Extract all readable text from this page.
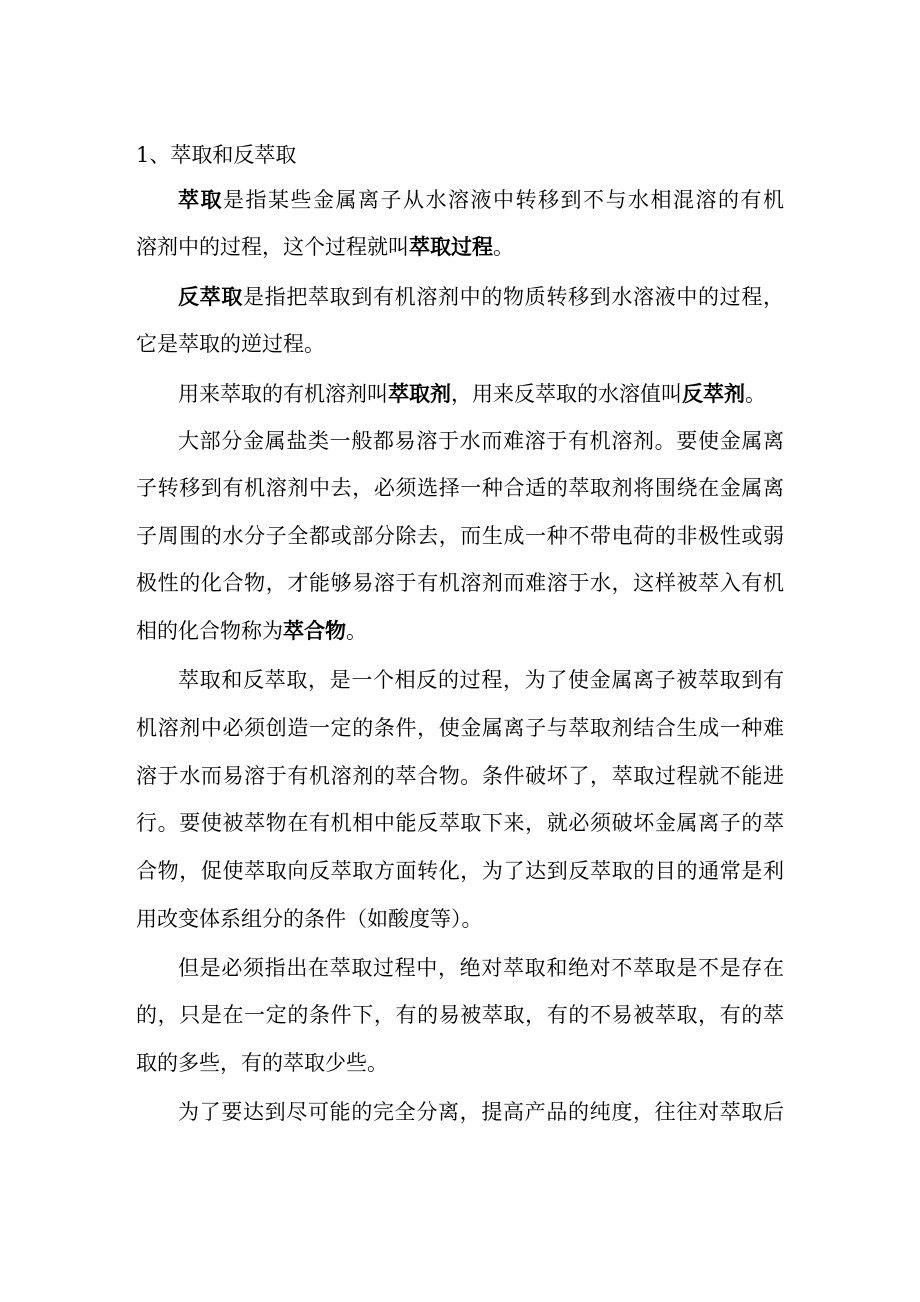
1、萃取和反萃取
萃取是指某些金属离子从水溶液中转移到不与水相混溶的有机
溶剂中的过程，这个过程就叫萃取过程。
反萃取是指把萃取到有机溶剂中的物质转移到水溶液中的过程，
它是萃取的逆过程。
用来萃取的有机溶剂叫萃取剂，用来反萃取的水溶值叫反萃剂。
大部分金属盐类一般都易溶于水而难溶于有机溶剂。要使金属离
子转移到有机溶剂中去，必须选择一种合适的萃取剂将围绕在金属离
子周围的水分子全都或部分除去，而生成一种不带电荷的非极性或弱
极性的化合物，才能够易溶于有机溶剂而难溶于水，这样被萃入有机
相的化合物称为萃合物。
萃取和反萃取，是一个相反的过程，为了使金属离子被萃取到有
机溶剂中必须创造一定的条件，使金属离子与萃取剂结合生成一种难
溶于水而易溶于有机溶剂的萃合物。条件破坏了，萃取过程就不能进
行。要使被萃物在有机相中能反萃取下来，就必须破坏金属离子的萃
合物，促使萃取向反萃取方面转化，为了达到反萃取的目的通常是利
用改变体系组分的条件（如酸度等）。
但是必须指出在萃取过程中，绝对萃取和绝对不萃取是不是存在
的，只是在一定的条件下，有的易被萃取，有的不易被萃取，有的萃
取的多些，有的萃取少些。
为了要达到尽可能的完全分离，提高产品的纯度，往往对萃取后
